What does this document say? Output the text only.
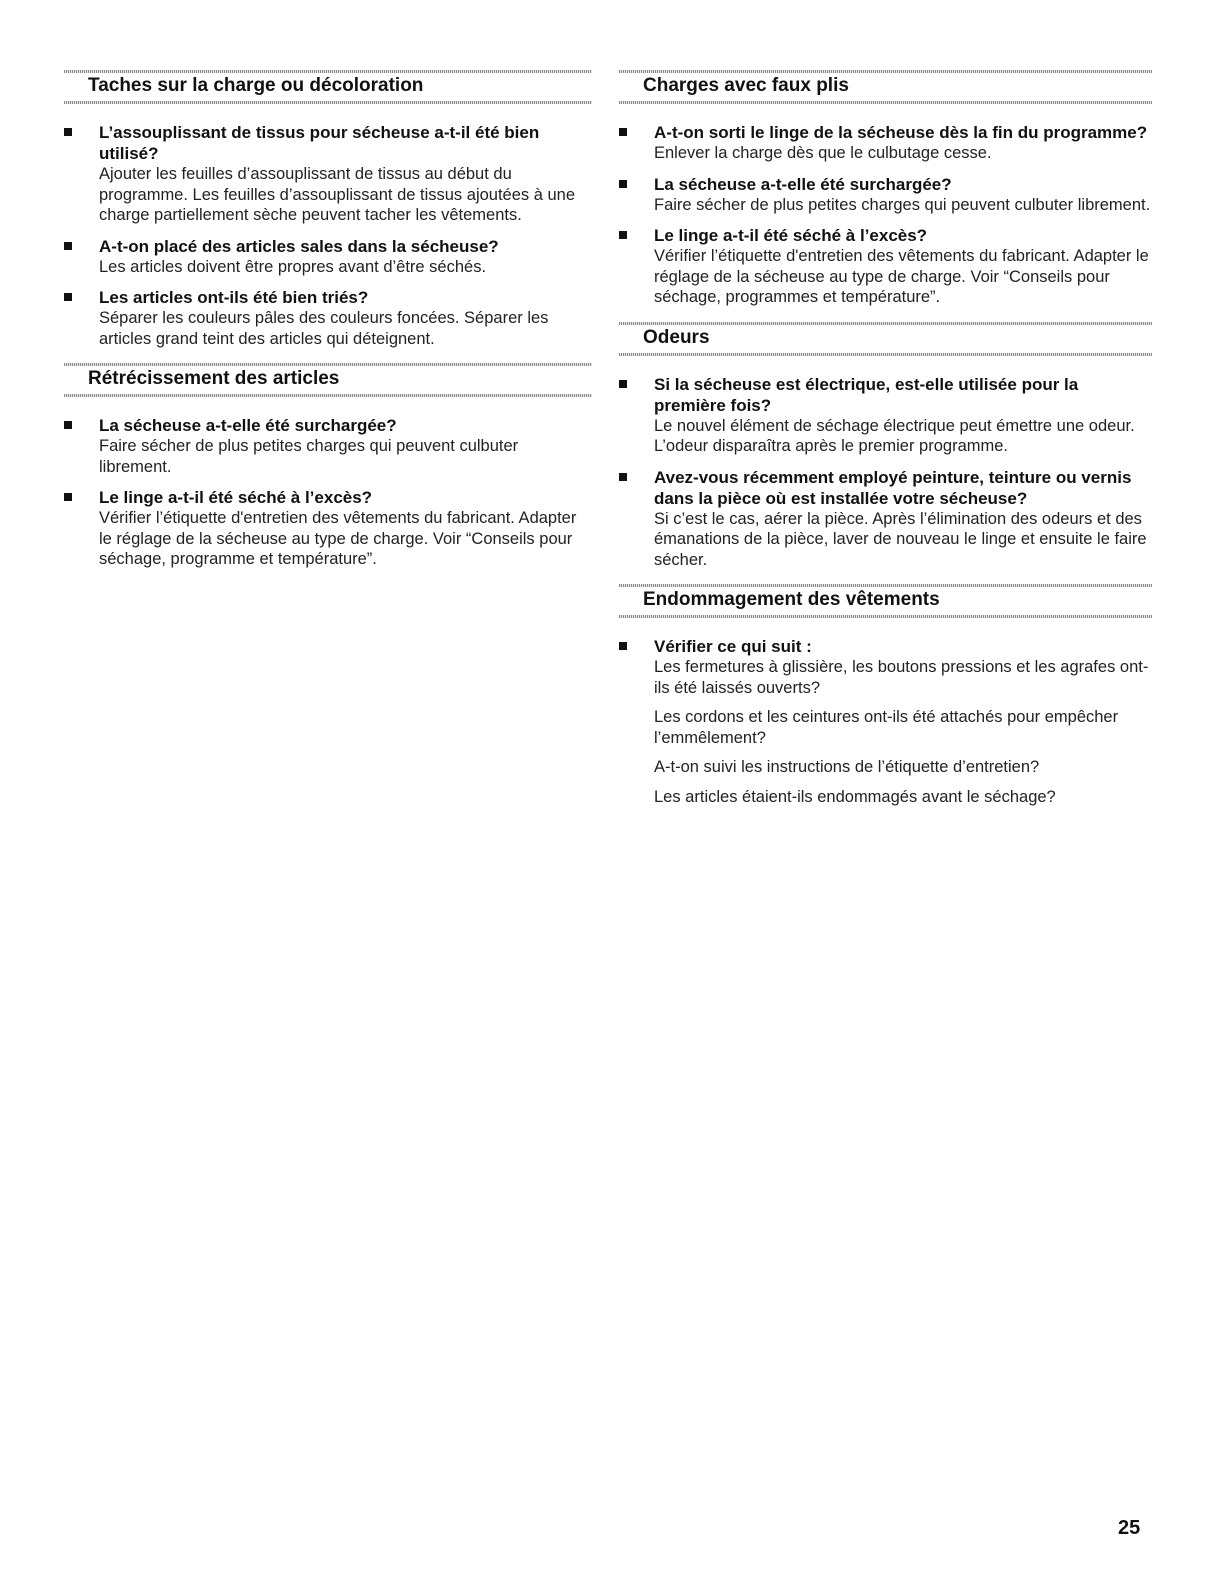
Taches sur la charge ou décoloration
L’assouplissant de tissus pour sécheuse a-t-il été bien utilisé?
Ajouter les feuilles d’assouplissant de tissus au début du programme. Les feuilles d’assouplissant de tissus ajoutées à une charge partiellement sèche peuvent tacher les vêtements.
A-t-on placé des articles sales dans la sécheuse?
Les articles doivent être propres avant d’être séchés.
Les articles ont-ils été bien triés?
Séparer les couleurs pâles des couleurs foncées. Séparer les articles grand teint des articles qui déteignent.
Rétrécissement des articles
La sécheuse a-t-elle été surchargée?
Faire sécher de plus petites charges qui peuvent culbuter librement.
Le linge a-t-il été séché à l’excès?
Vérifier l’étiquette d'entretien des vêtements du fabricant. Adapter le réglage de la sécheuse au type de charge. Voir “Conseils pour séchage, programme et température”.
Charges avec faux plis
A-t-on sorti le linge de la sécheuse dès la fin du programme?
Enlever la charge dès que le culbutage cesse.
La sécheuse a-t-elle été surchargée?
Faire sécher de plus petites charges qui peuvent culbuter librement.
Le linge a-t-il été séché à l’excès?
Vérifier l’étiquette d'entretien des vêtements du fabricant. Adapter le réglage de la sécheuse au type de charge. Voir “Conseils pour séchage, programmes et température”.
Odeurs
Si la sécheuse est électrique, est-elle utilisée pour la première fois?
Le nouvel élément de séchage électrique peut émettre une odeur. L’odeur disparaîtra après le premier programme.
Avez-vous récemment employé peinture, teinture ou vernis dans la pièce où est installée votre sécheuse?
Si c’est le cas, aérer la pièce. Après l’élimination des odeurs et des émanations de la pièce, laver de nouveau le linge et ensuite le faire sécher.
Endommagement des vêtements
Vérifier ce qui suit :
Les fermetures à glissière, les boutons pressions et les agrafes ont-ils été laissés ouverts?
Les cordons et les ceintures ont-ils été attachés pour empêcher l’emmêlement?
A-t-on suivi les instructions de l’étiquette d’entretien?
Les articles étaient-ils endommagés avant le séchage?
25
